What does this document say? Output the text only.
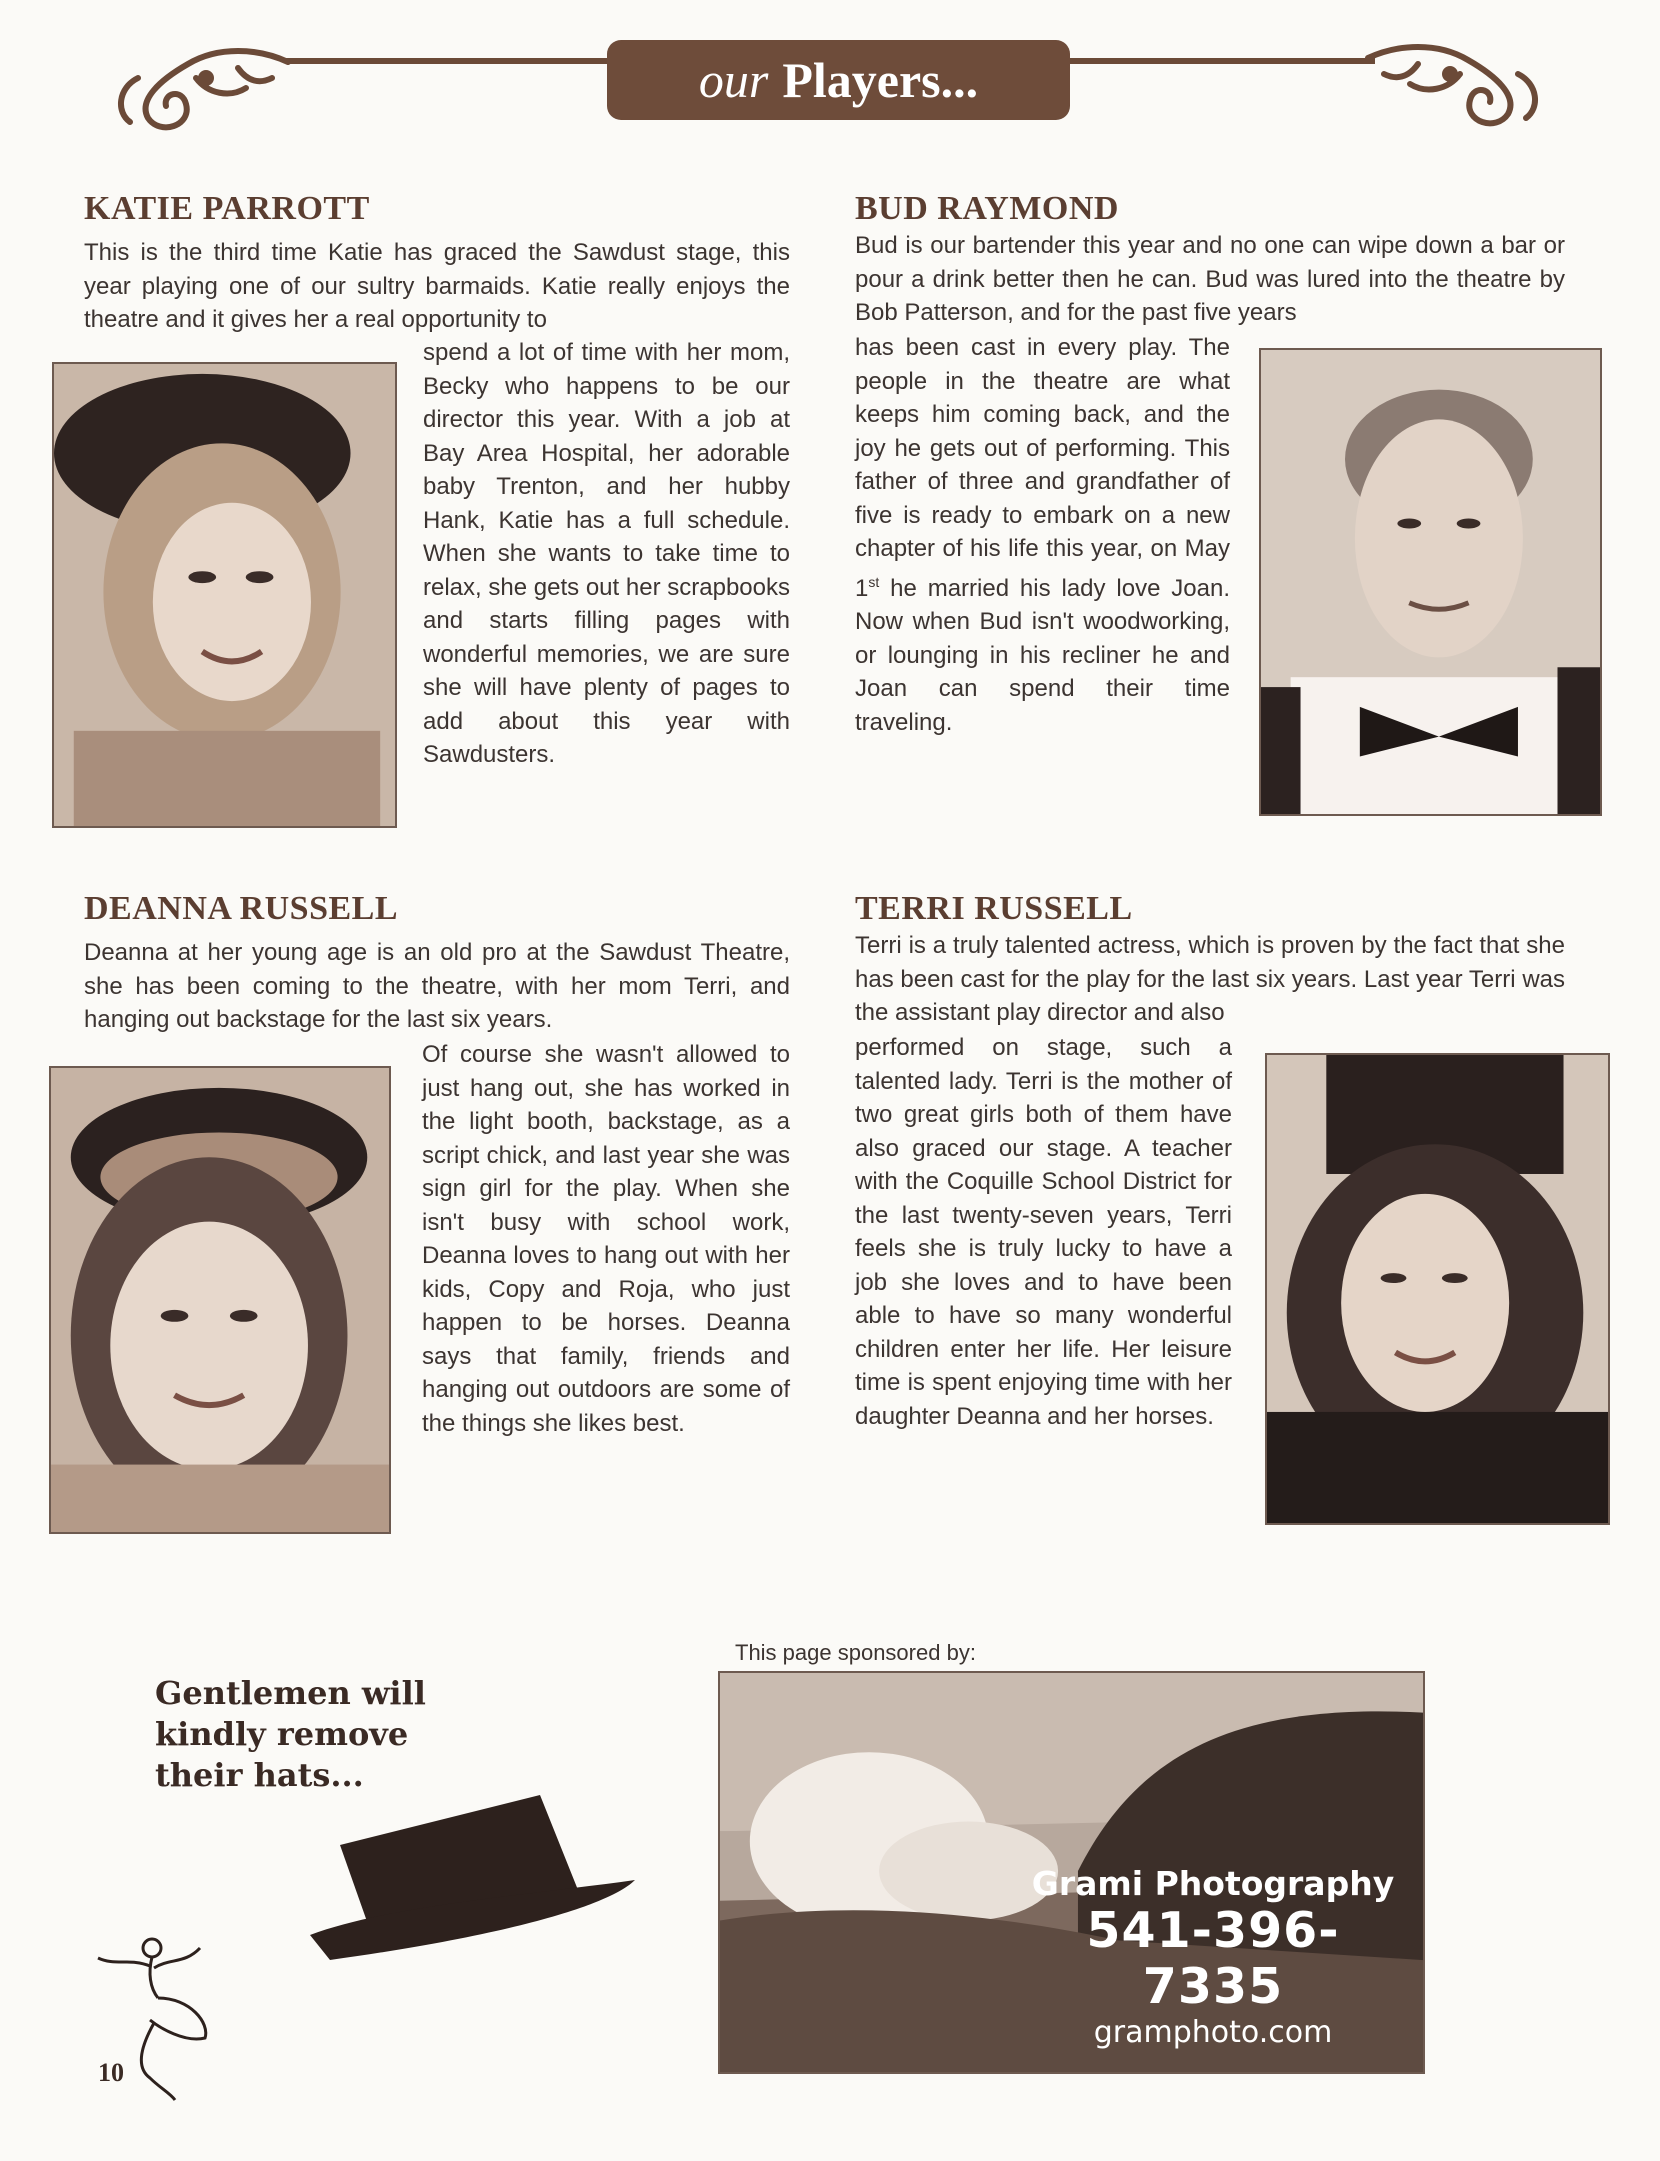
our Players...
KATIE PARROTT

This is the third time Katie has graced the Sawdust stage, this year playing one of our sultry barmaids. Katie really enjoys the theatre and it gives her a real opportunity to

spend a lot of time with her mom, Becky who happens to be our director this year. With a job at Bay Area Hospital, her adorable baby Trenton, and her hubby Hank, Katie has a full schedule. When she wants to take time to relax, she gets out her scrapbooks and starts filling pages with wonderful memories, we are sure she will have plenty of pages to add about this year with Sawdusters.

BUD RAYMOND

Bud is our bartender this year and no one can wipe down a bar or pour a drink better then he can. Bud was lured into the theatre by Bob Patterson, and for the past five years

has been cast in every play. The people in the theatre are what keeps him coming back, and the joy he gets out of performing. This father of three and grandfather of five is ready to embark on a new chapter of his life this year, on May 1st he married his lady love Joan. Now when Bud isn't woodworking, or lounging in his recliner he and Joan can spend their time traveling.

DEANNA RUSSELL

Deanna at her young age is an old pro at the Sawdust Theatre, she has been coming to the theatre, with her mom Terri, and hanging out backstage for the last six years.

Of course she wasn't allowed to just hang out, she has worked in the light booth, backstage, as a script chick, and last year she was sign girl for the play. When she isn't busy with school work, Deanna loves to hang out with her kids, Copy and Roja, who just happen to be horses. Deanna says that family, friends and hanging out outdoors are some of the things she likes best.

TERRI RUSSELL

Terri is a truly talented actress, which is proven by the fact that she has been cast for the play for the last six years. Last year Terri was the assistant play director and also

performed on stage, such a talented lady. Terri is the mother of two great girls both of them have also graced our stage. A teacher with the Coquille School District for the last twenty-seven years, Terri feels she is truly lucky to have a job she loves and to have been able to have so many wonderful children enter her life. Her leisure time is spent enjoying time with her daughter Deanna and her horses.

Gentlemen will
kindly remove
their hats...

10
This page sponsored by:
Grami Photography
541-396-7335
gramphoto.com
